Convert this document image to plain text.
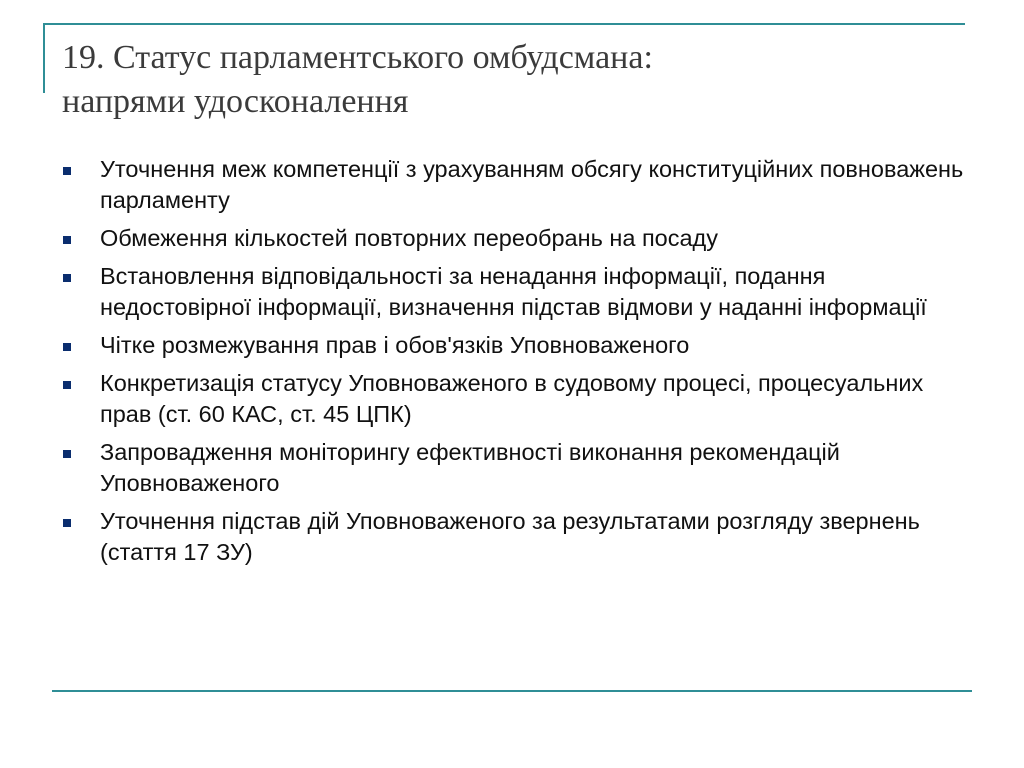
19. Статус парламентського омбудсмана:
напрями удосконалення
Уточнення меж компетенції з урахуванням обсягу конституційних повноважень парламенту
Обмеження кількостей повторних переобрань на посаду
Встановлення відповідальності за ненадання інформації, подання недостовірної інформації, визначення підстав відмови у наданні інформації
Чітке розмежування прав і обов'язків Уповноваженого
Конкретизація статусу Уповноваженого в судовому процесі, процесуальних прав (ст. 60 КАС, ст. 45 ЦПК)
Запровадження моніторингу ефективності виконання рекомендацій Уповноваженого
Уточнення підстав дій Уповноваженого за результатами розгляду звернень (стаття 17 ЗУ)
